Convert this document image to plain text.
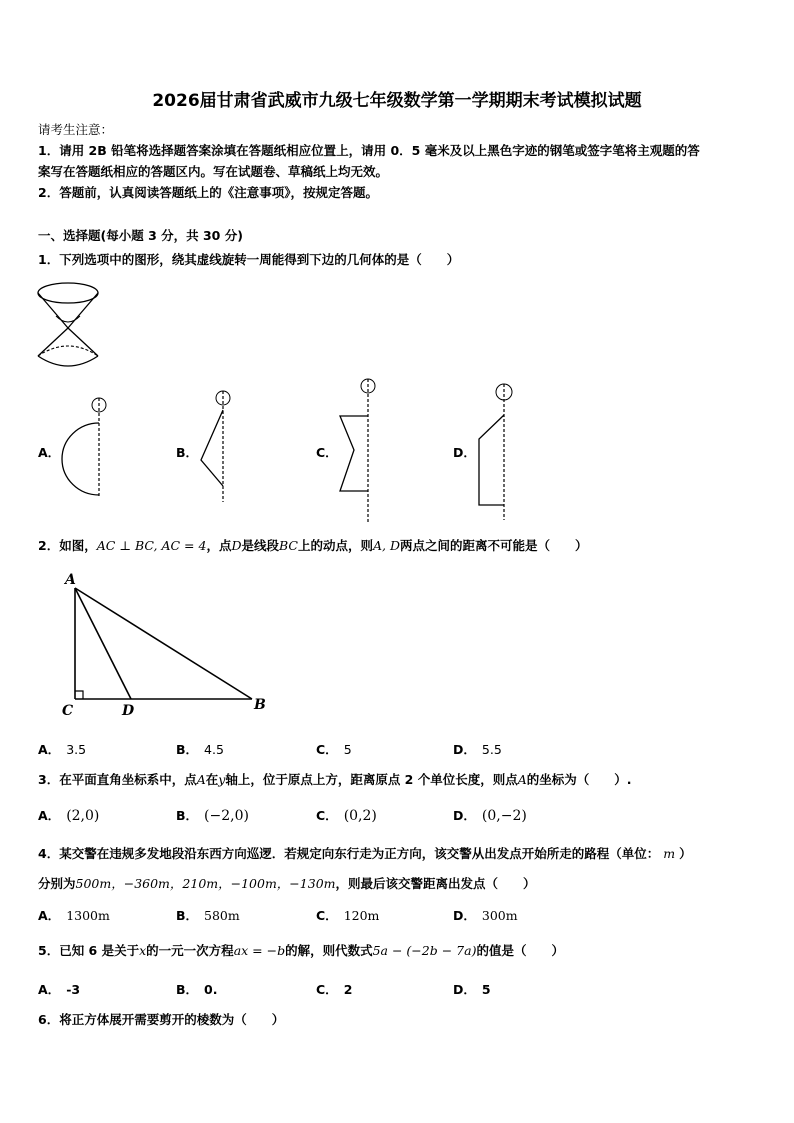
2026届甘肃省武威市九级七年级数学第一学期期末考试模拟试题
请考生注意：
1．请用 2B 铅笔将选择题答案涂填在答题纸相应位置上，请用 0．5 毫米及以上黑色字迹的钢笔或签字笔将主观题的答
案写在答题纸相应的答题区内。写在试题卷、草稿纸上均无效。
2．答题前，认真阅读答题纸上的《注意事项》，按规定答题。
一、选择题(每小题 3 分，共 30 分)
1．下列选项中的图形，绕其虚线旋转一周能得到下边的几何体的是（　　）
A．	B．	C．	D．
2．如图，AC ⊥ BC, AC = 4，点D是线段BC上的动点，则A, D两点之间的距离不可能是（　　）
A
C	D	B
A． 3.5	B． 4.5	C． 5	D． 5.5
3．在平面直角坐标系中，点A在y轴上，位于原点上方，距离原点 2 个单位长度，则点A的坐标为（　　）.
A． (2,0)	B． (−2,0)	C． (0,2)	D． (0,−2)
4．某交警在违规多发地段沿东西方向巡逻．若规定向东行走为正方向，该交警从出发点开始所走的路程（单位： m ）
分别为500m，−360m，210m，−100m，−130m，则最后该交警距离出发点（　　）
A． 1300m	B． 580m	C． 120m	D． 300m
5．已知 6 是关于x的一元一次方程ax = −b的解，则代数式5a − (−2b − 7a)的值是（　　）
A． -3	B． 0.	C． 2	D． 5
6．将正方体展开需要剪开的棱数为（　　）
